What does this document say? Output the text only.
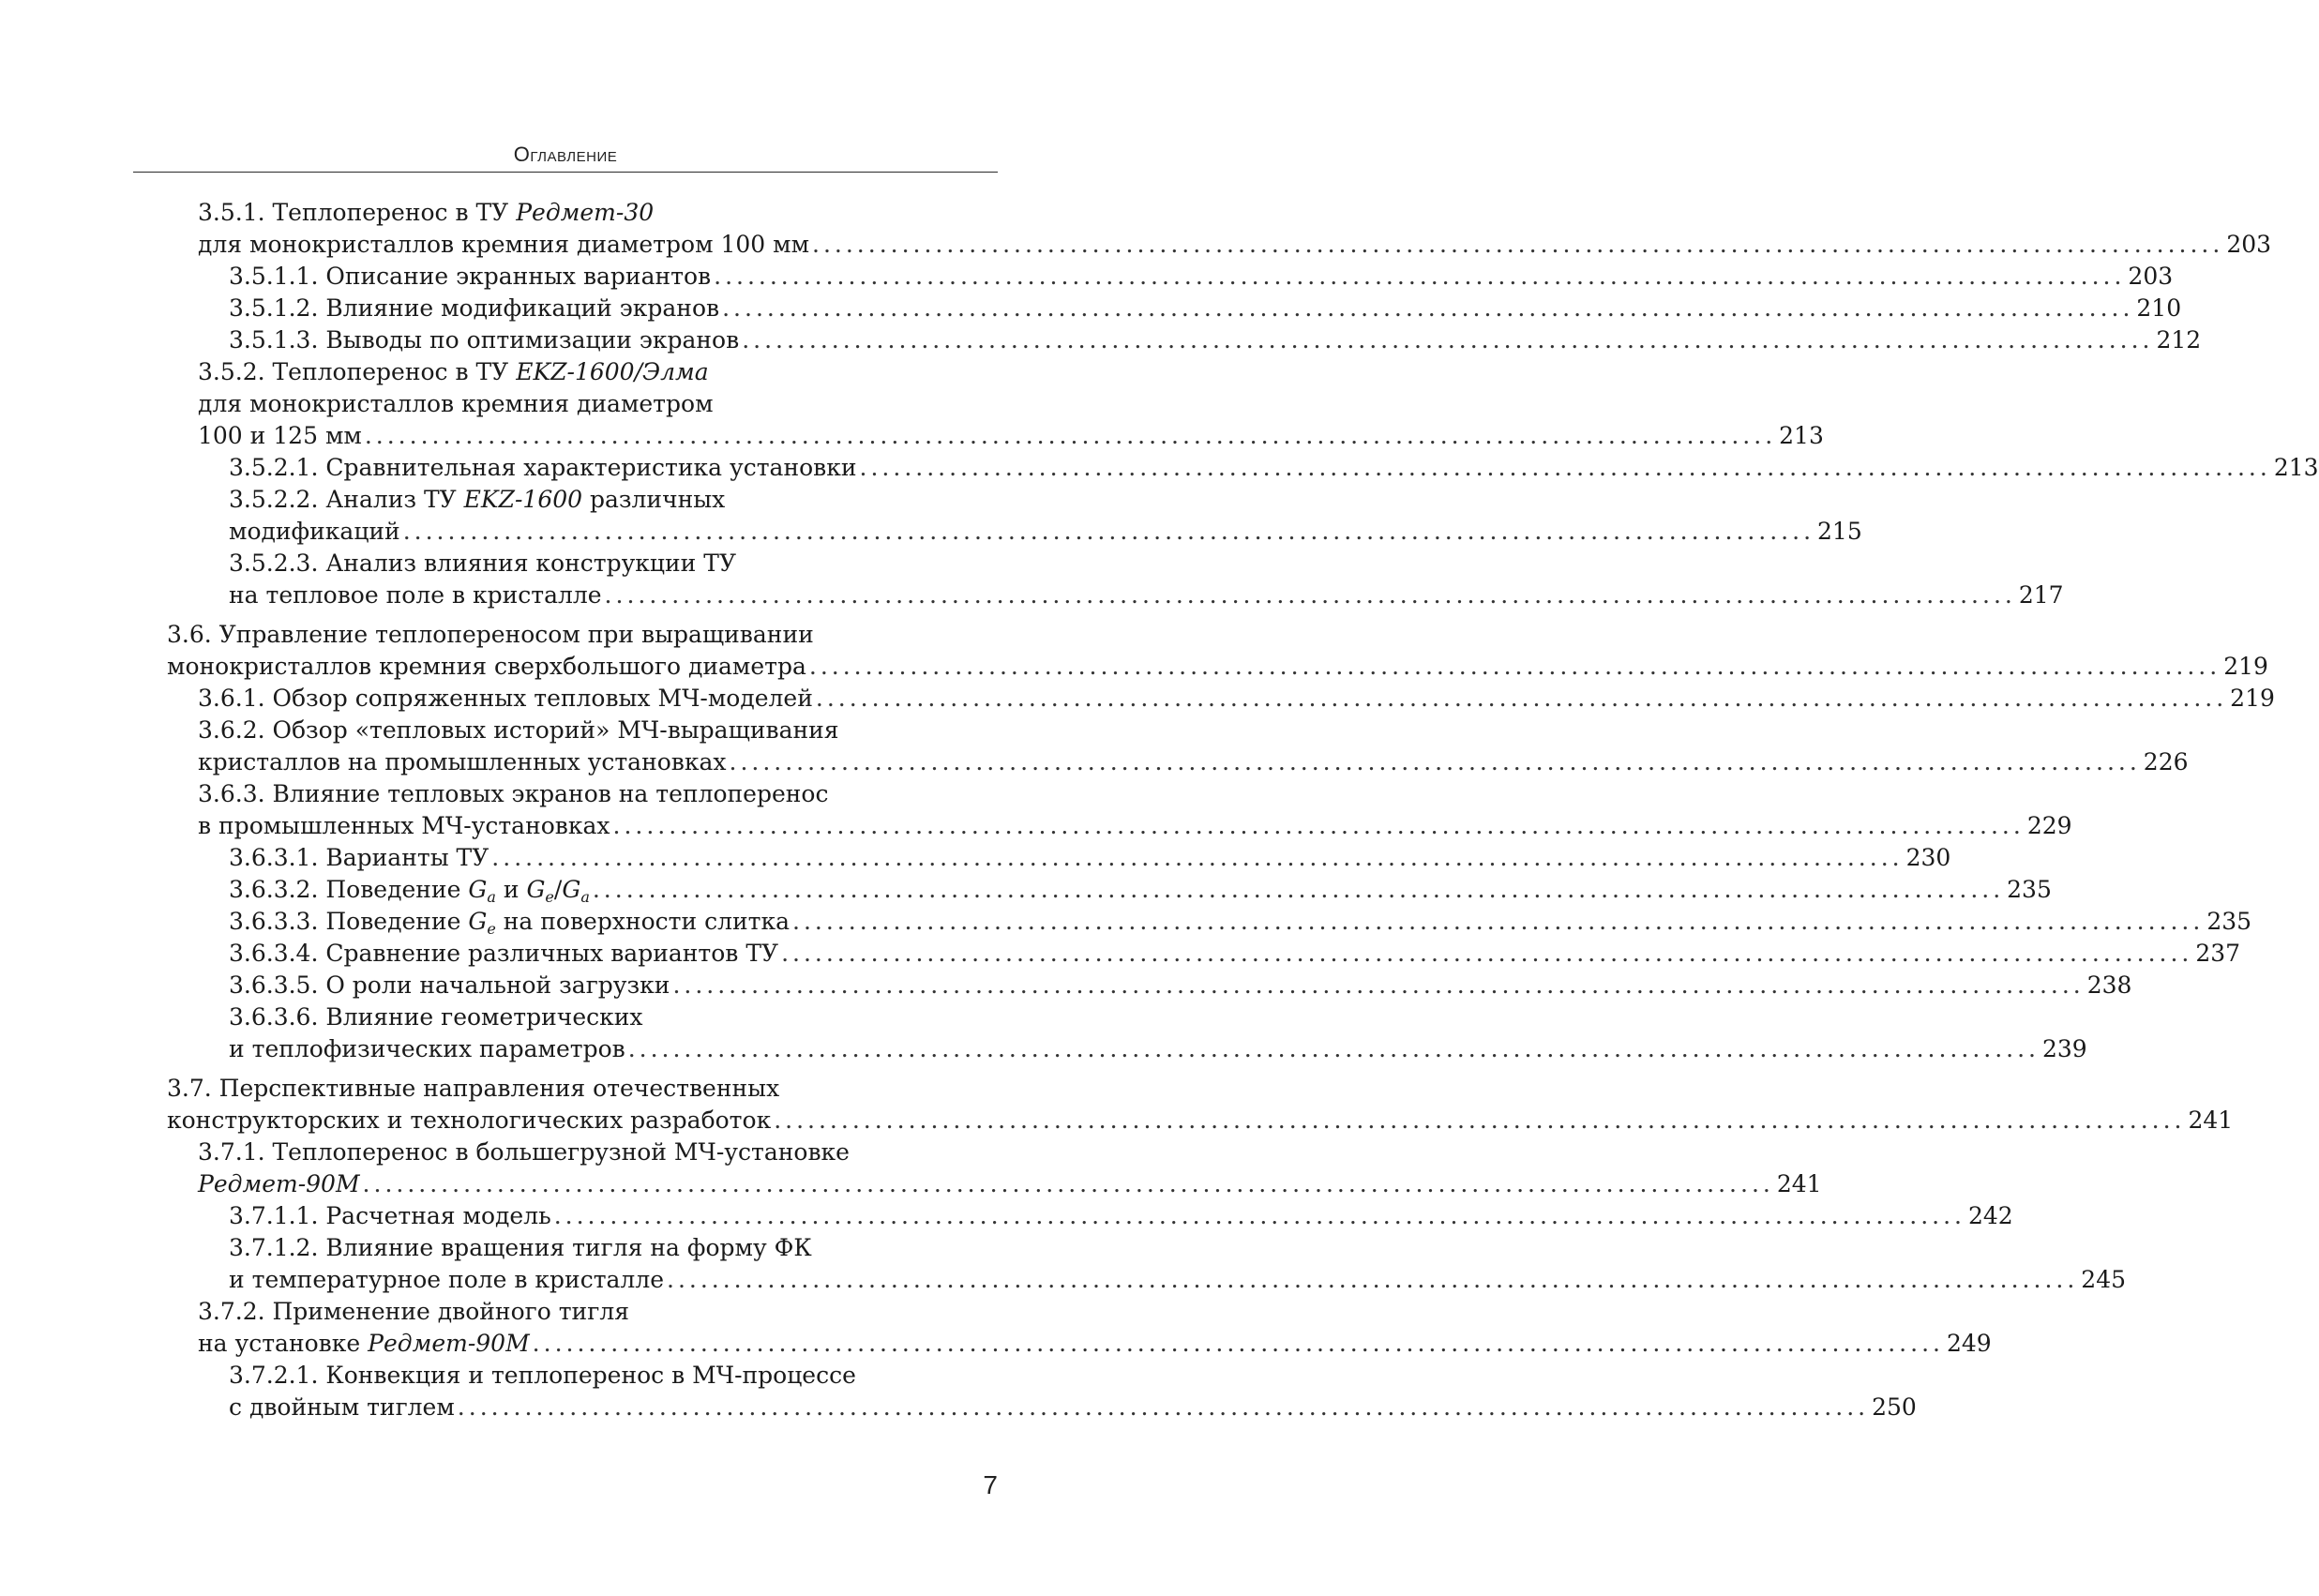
Оглавление
3.5.1. Теплоперенос в ТУ Редмет-30
для монокристаллов кремния диаметром 100 мм .............................................................................................................................. 203
3.5.1.1. Описание экранных вариантов .............................................................................................................................. 203
3.5.1.2. Влияние модификаций экранов .............................................................................................................................. 210
3.5.1.3. Выводы по оптимизации экранов .............................................................................................................................. 212
3.5.2. Теплоперенос в ТУ EKZ-1600/Элма
для монокристаллов кремния диаметром
100 и 125 мм .............................................................................................................................. 213
3.5.2.1. Сравнительная характеристика установки .............................................................................................................................. 213
3.5.2.2. Анализ ТУ EKZ-1600 различных
модификаций .............................................................................................................................. 215
3.5.2.3. Анализ влияния конструкции ТУ
на тепловое поле в кристалле .............................................................................................................................. 217
3.6. Управление теплопереносом при выращивании
монокристаллов кремния сверхбольшого диаметра .............................................................................................................................. 219
3.6.1. Обзор сопряженных тепловых МЧ-моделей .............................................................................................................................. 219
3.6.2. Обзор «тепловых историй» МЧ-выращивания
кристаллов на промышленных установках .............................................................................................................................. 226
3.6.3. Влияние тепловых экранов на теплоперенос
в промышленных МЧ-установках .............................................................................................................................. 229
3.6.3.1. Варианты ТУ .............................................................................................................................. 230
3.6.3.2. Поведение $G_a$ и $G_e/G_a$ .............................................................................................................................. 235
3.6.3.3. Поведение $G_e$ на поверхности слитка .............................................................................................................................. 235
3.6.3.4. Сравнение различных вариантов ТУ .............................................................................................................................. 237
3.6.3.5. О роли начальной загрузки .............................................................................................................................. 238
3.6.3.6. Влияние геометрических
и теплофизических параметров .............................................................................................................................. 239
3.7. Перспективные направления отечественных
конструкторских и технологических разработок .............................................................................................................................. 241
3.7.1. Теплоперенос в большегрузной МЧ-установке
Редмет-90М .............................................................................................................................. 241
3.7.1.1. Расчетная модель .............................................................................................................................. 242
3.7.1.2. Влияние вращения тигля на форму ФК
и температурное поле в кристалле .............................................................................................................................. 245
3.7.2. Применение двойного тигля
на установке Редмет-90М .............................................................................................................................. 249
3.7.2.1. Конвекция и теплоперенос в МЧ-процессе
с двойным тиглем .............................................................................................................................. 250
7
